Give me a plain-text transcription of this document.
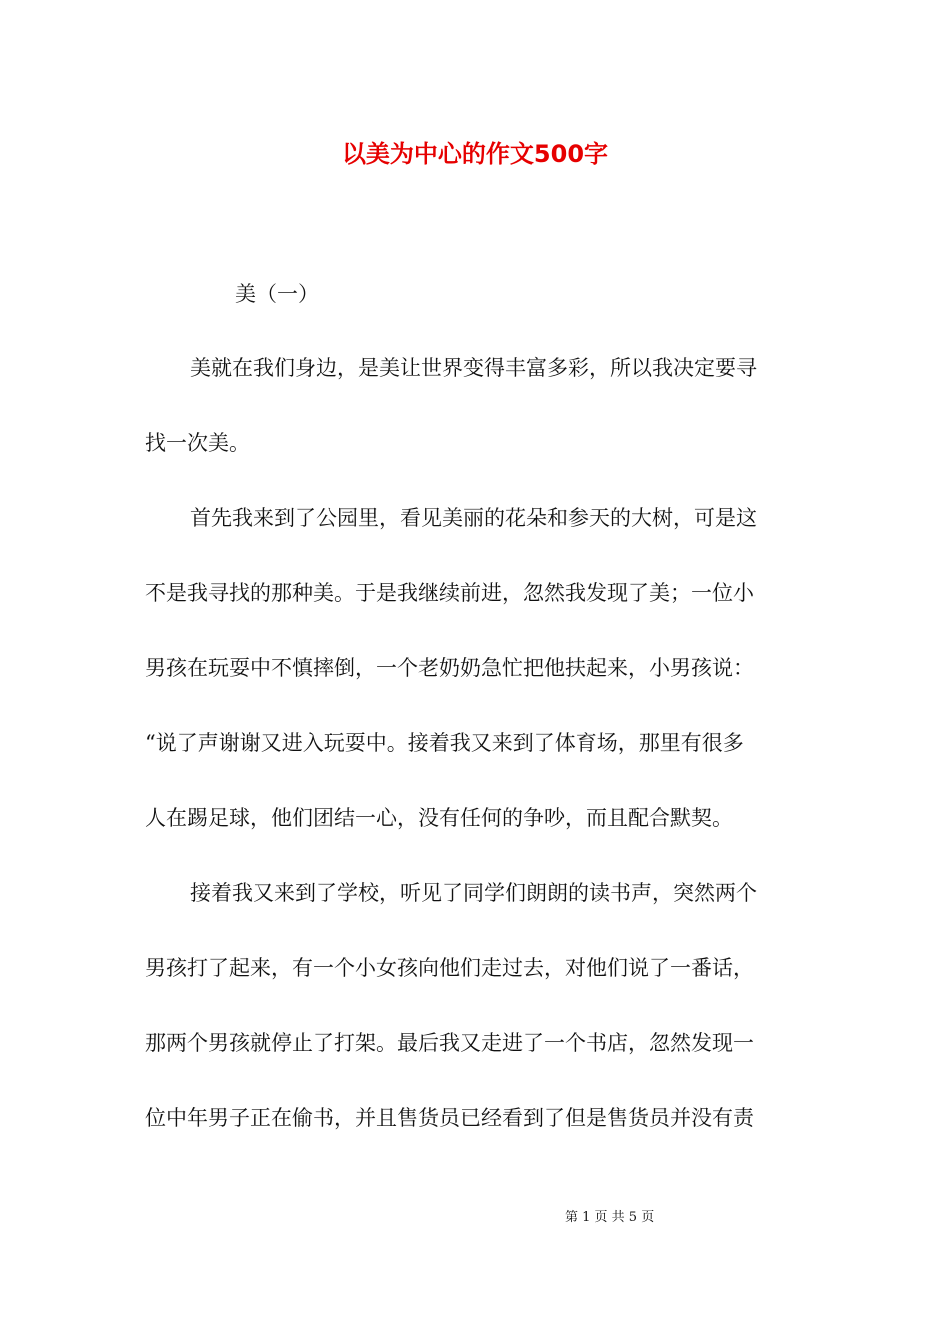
以美为中心的作文500字
美（一）
美就在我们身边，是美让世界变得丰富多彩，所以我决定要寻
找一次美。
首先我来到了公园里，看见美丽的花朵和参天的大树，可是这
不是我寻找的那种美。于是我继续前进，忽然我发现了美；一位小
男孩在玩耍中不慎摔倒，一个老奶奶急忙把他扶起来，小男孩说：
“说了声谢谢又进入玩耍中。接着我又来到了体育场，那里有很多
人在踢足球，他们团结一心，没有任何的争吵，而且配合默契。
接着我又来到了学校，听见了同学们朗朗的读书声，突然两个
男孩打了起来，有一个小女孩向他们走过去，对他们说了一番话，
那两个男孩就停止了打架。最后我又走进了一个书店，忽然发现一
位中年男子正在偷书，并且售货员已经看到了但是售货员并没有责
第 1 页 共 5 页
